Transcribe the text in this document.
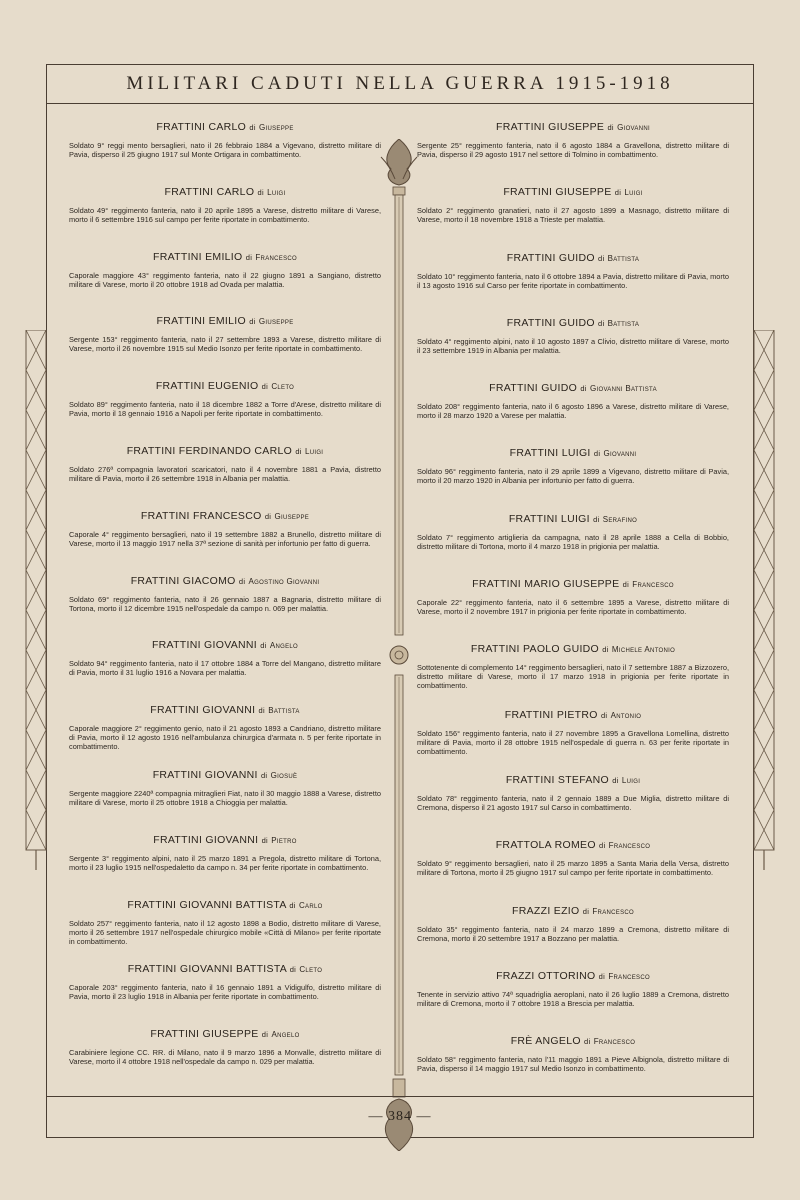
MILITARI CADUTI NELLA GUERRA 1915-1918
FRATTINI CARLO di Giuseppe
Soldato 9° reggi mento bersaglieri, nato il 26 febbraio 1884 a Vigevano, distretto militare di Pavia, disperso il 25 giugno 1917 sul Monte Ortigara in combattimento.
FRATTINI CARLO di Luigi
Soldato 49° reggimento fanteria, nato il 20 aprile 1895 a Varese, distretto militare di Varese, morto il 6 settembre 1916 sul campo per ferite riportate in combattimento.
FRATTINI EMILIO di Francesco
Caporale maggiore 43° reggimento fanteria, nato il 22 giugno 1891 a Sangiano, distretto militare di Varese, morto il 20 ottobre 1918 ad Ovada per malattia.
FRATTINI EMILIO di Giuseppe
Sergente 153° reggimento fanteria, nato il 27 settembre 1893 a Varese, distretto militare di Varese, morto il 26 novembre 1915 sul Medio Isonzo per ferite riportate in combattimento.
FRATTINI EUGENIO di Cleto
Soldato 89° reggimento fanteria, nato il 18 dicembre 1882 a Torre d'Arese, distretto militare di Pavia, morto il 18 gennaio 1916 a Napoli per ferite riportate in combattimento.
FRATTINI FERDINANDO CARLO di Luigi
Soldato 276ª compagnia lavoratori scaricatori, nato il 4 novembre 1881 a Pavia, distretto militare di Pavia, morto il 26 settembre 1918 in Albania per malattia.
FRATTINI FRANCESCO di Giuseppe
Caporale 4° reggimento bersaglieri, nato il 19 settembre 1882 a Brunello, distretto militare di Varese, morto il 13 maggio 1917 nella 37ª sezione di sanità per infortunio per fatto di guerra.
FRATTINI GIACOMO di Agostino Giovanni
Soldato 69° reggimento fanteria, nato il 26 gennaio 1887 a Bagnaria, distretto militare di Tortona, morto il 12 dicembre 1915 nell'ospedale da campo n. 069 per malattia.
FRATTINI GIOVANNI di Angelo
Soldato 94° reggimento fanteria, nato il 17 ottobre 1884 a Torre del Mangano, distretto militare di Pavia, morto il 31 luglio 1916 a Novara per malattia.
FRATTINI GIOVANNI di Battista
Caporale maggiore 2° reggimento genio, nato il 21 agosto 1893 a Candriano, distretto militare di Pavia, morto il 12 agosto 1916 nell'ambulanza chirurgica d'armata n. 5 per ferite riportate in combattimento.
FRATTINI GIOVANNI di Giosuè
Sergente maggiore 2240ª compagnia mitraglieri Fiat, nato il 30 maggio 1888 a Varese, distretto militare di Varese, morto il 25 ottobre 1918 a Chioggia per malattia.
FRATTINI GIOVANNI di Pietro
Sergente 3° reggimento alpini, nato il 25 marzo 1891 a Pregola, distretto militare di Tortona, morto il 23 luglio 1915 nell'ospedaletto da campo n. 34 per ferite riportate in combattimento.
FRATTINI GIOVANNI BATTISTA di Carlo
Soldato 257° reggimento fanteria, nato il 12 agosto 1898 a Bodio, distretto militare di Varese, morto il 26 settembre 1917 nell'ospedale chirurgico mobile «Città di Milano» per ferite riportate in combattimento.
FRATTINI GIOVANNI BATTISTA di Cleto
Caporale 203° reggimento fanteria, nato il 16 gennaio 1891 a Vidigulfo, distretto militare di Pavia, morto il 23 luglio 1918 in Albania per ferite riportate in combattimento.
FRATTINI GIUSEPPE di Angelo
Carabiniere legione CC. RR. di Milano, nato il 9 marzo 1896 a Monvalle, distretto militare di Varese, morto il 4 ottobre 1918 nell'ospedale da campo n. 029 per malattia.
FRATTINI GIUSEPPE di Giovanni
Sergente 25° reggimento fanteria, nato il 6 agosto 1884 a Gravellona, distretto militare di Pavia, disperso il 29 agosto 1917 nel settore di Tolmino in combattimento.
FRATTINI GIUSEPPE di Luigi
Soldato 2° reggimento granatieri, nato il 27 agosto 1899 a Masnago, distretto militare di Varese, morto il 18 novembre 1918 a Trieste per malattia.
FRATTINI GUIDO di Battista
Soldato 10° reggimento fanteria, nato il 6 ottobre 1894 a Pavia, distretto militare di Pavia, morto il 13 agosto 1916 sul Carso per ferite riportate in combattimento.
FRATTINI GUIDO di Battista
Soldato 4° reggimento alpini, nato il 10 agosto 1897 a Clivio, distretto militare di Varese, morto il 23 settembre 1919 in Albania per malattia.
FRATTINI GUIDO di Giovanni Battista
Soldato 208° reggimento fanteria, nato il 6 agosto 1896 a Varese, distretto militare di Varese, morto il 28 marzo 1920 a Varese per malattia.
FRATTINI LUIGI di Giovanni
Soldato 96° reggimento fanteria, nato il 29 aprile 1899 a Vigevano, distretto militare di Pavia, morto il 20 marzo 1920 in Albania per infortunio per fatto di guerra.
FRATTINI LUIGI di Serafino
Soldato 7° reggimento artiglieria da campagna, nato il 28 aprile 1888 a Cella di Bobbio, distretto militare di Tortona, morto il 4 marzo 1918 in prigionia per malattia.
FRATTINI MARIO GIUSEPPE di Francesco
Caporale 22° reggimento fanteria, nato il 6 settembre 1895 a Varese, distretto militare di Varese, morto il 2 novembre 1917 in prigionia per ferite riportate in combattimento.
FRATTINI PAOLO GUIDO di Michele Antonio
Sottotenente di complemento 14° reggimento bersaglieri, nato il 7 settembre 1887 a Bizzozero, distretto militare di Varese, morto il 17 marzo 1918 in prigionia per ferite riportate in combattimento.
FRATTINI PIETRO di Antonio
Soldato 156° reggimento fanteria, nato il 27 novembre 1895 a Gravellona Lomellina, distretto militare di Pavia, morto il 28 ottobre 1915 nell'ospedale di guerra n. 63 per ferite riportate in combattimento.
FRATTINI STEFANO di Luigi
Soldato 78° reggimento fanteria, nato il 2 gennaio 1889 a Due Miglia, distretto militare di Cremona, disperso il 21 agosto 1917 sul Carso in combattimento.
FRATTOLA ROMEO di Francesco
Soldato 9° reggimento bersaglieri, nato il 25 marzo 1895 a Santa Maria della Versa, distretto militare di Tortona, morto il 25 giugno 1917 sul campo per ferite riportate in combattimento.
FRAZZI EZIO di Francesco
Soldato 35° reggimento fanteria, nato il 24 marzo 1899 a Cremona, distretto militare di Cremona, morto il 20 settembre 1917 a Bozzano per malattia.
FRAZZI OTTORINO di Francesco
Tenente in servizio attivo 74ª squadriglia aeroplani, nato il 26 luglio 1889 a Cremona, distretto militare di Cremona, morto il 7 ottobre 1918 a Brescia per malattia.
FRÈ ANGELO di Francesco
Soldato 58° reggimento fanteria, nato l'11 maggio 1891 a Pieve Albignola, distretto militare di Pavia, disperso il 14 maggio 1917 sul Medio Isonzo in combattimento.
— 384 —
